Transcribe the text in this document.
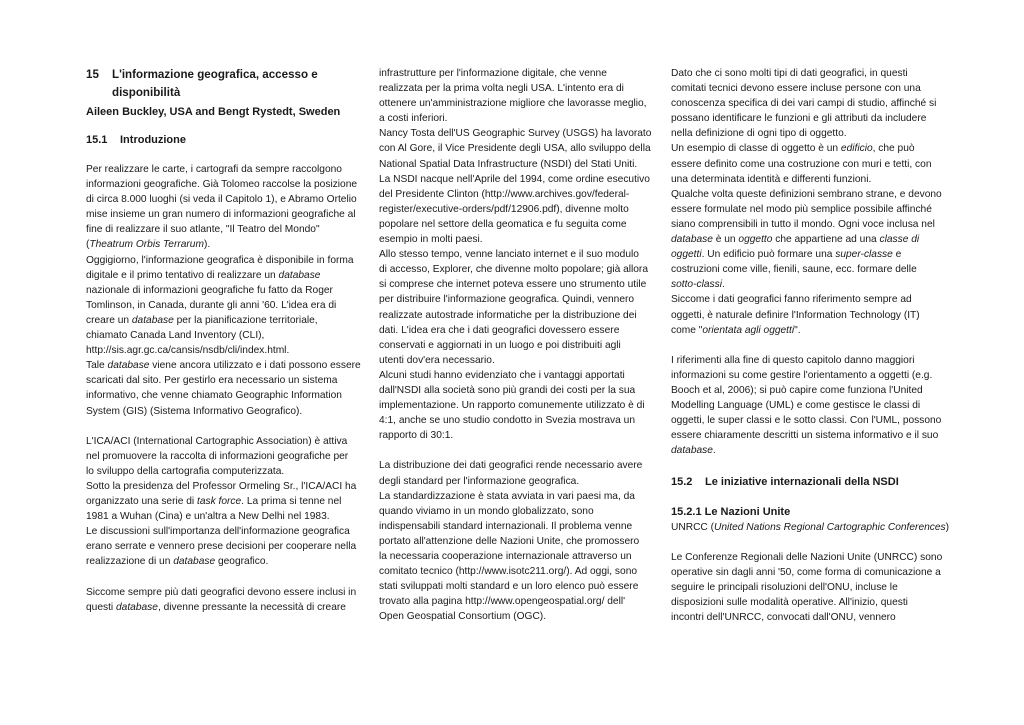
15 L'informazione geografica, accesso e
disponibilità
Aileen Buckley, USA and Bengt Rystedt, Sweden
15.1 Introduzione
Per realizzare le carte, i cartografi da sempre raccolgono
informazioni geografiche. Già Tolomeo raccolse la posizione
di circa 8.000 luoghi (si veda il Capitolo 1), e Abramo Ortelio
mise insieme un gran numero di informazioni geografiche al
fine di realizzare il suo atlante, "Il Teatro del Mondo"
(Theatrum Orbis Terrarum).
Oggigiorno, l'informazione geografica è disponibile in forma
digitale e il primo tentativo di realizzare un database
nazionale di informazioni geografiche fu fatto da Roger
Tomlinson, in Canada, durante gli anni '60. L'idea era di
creare un database per la pianificazione territoriale,
chiamato Canada Land Inventory (CLI),
http://sis.agr.gc.ca/cansis/nsdb/cli/index.html.
Tale database viene ancora utilizzato e i dati possono essere
scaricati dal sito. Per gestirlo era necessario un sistema
informativo, che venne chiamato Geographic Information
System (GIS) (Sistema Informativo Geografico).
L'ICA/ACI (International Cartographic Association) è attiva
nel promuovere la raccolta di informazioni geografiche per
lo sviluppo della cartografia computerizzata.
Sotto la presidenza del Professor Ormeling Sr., l'ICA/ACI ha
organizzato una serie di task force. La prima si tenne nel
1981 a Wuhan (Cina) e un'altra a New Delhi nel 1983.
Le discussioni sull'importanza dell'informazione geografica
erano serrate e vennero prese decisioni per cooperare nella
realizzazione di un database geografico.
Siccome sempre più dati geografici devono essere inclusi in
questi database, divenne pressante la necessità di creare
infrastrutture per l'informazione digitale, che venne
realizzata per la prima volta negli USA. L'intento era di
ottenere un'amministrazione migliore che lavorasse meglio,
a costi inferiori.
Nancy Tosta dell'US Geographic Survey (USGS) ha lavorato
con Al Gore, il Vice Presidente degli USA, allo sviluppo della
National Spatial Data Infrastructure (NSDI) del Stati Uniti.
La NSDI nacque nell'Aprile del 1994, come ordine esecutivo
del Presidente Clinton (http://www.archives.gov/federal-
register/executive-orders/pdf/12906.pdf), divenne molto
popolare nel settore della geomatica e fu seguita come
esempio in molti paesi.
Allo stesso tempo, venne lanciato internet e il suo modulo
di accesso, Explorer, che divenne molto popolare; già allora
si comprese che internet poteva essere uno strumento utile
per distribuire l'informazione geografica. Quindi, vennero
realizzate autostrade informatiche per la distribuzione dei
dati. L'idea era che i dati geografici dovessero essere
conservati e aggiornati in un luogo e poi distribuiti agli
utenti dov'era necessario.
Alcuni studi hanno evidenziato che i vantaggi apportati
dall'NSDI alla società sono più grandi dei costi per la sua
implementazione. Un rapporto comunemente utilizzato è di
4:1, anche se uno studio condotto in Svezia mostrava un
rapporto di 30:1.
La distribuzione dei dati geografici rende necessario avere
degli standard per l'informazione geografica.
La standardizzazione è stata avviata in vari paesi ma, da
quando viviamo in un mondo globalizzato, sono
indispensabili standard internazionali. Il problema venne
portato all'attenzione delle Nazioni Unite, che promossero
la necessaria cooperazione internazionale attraverso un
comitato tecnico (http://www.isotc211.org/). Ad oggi, sono
stati sviluppati molti standard e un loro elenco può essere
trovato alla pagina http://www.opengeospatial.org/ dell'
Open Geospatial Consortium (OGC).
Dato che ci sono molti tipi di dati geografici, in questi
comitati tecnici devono essere incluse persone con una
conoscenza specifica di dei vari campi di studio, affinché si
possano identificare le funzioni e gli attributi da includere
nella definizione di ogni tipo di oggetto.
Un esempio di classe di oggetto è un edificio, che può
essere definito come una costruzione con muri e tetti, con
una determinata identità e differenti funzioni.
Qualche volta queste definizioni sembrano strane, e devono
essere formulate nel modo più semplice possibile affinché
siano comprensibili in tutto il mondo. Ogni voce inclusa nel
database è un oggetto che appartiene ad una classe di
oggetti. Un edificio può formare una super-classe e
costruzioni come ville, fienili, saune, ecc. formare delle
sotto-classi.
Siccome i dati geografici fanno riferimento sempre ad
oggetti, è naturale definire l'Information Technology (IT)
come "orientata agli oggetti".
I riferimenti alla fine di questo capitolo danno maggiori
informazioni su come gestire l'orientamento a oggetti (e.g.
Booch et al, 2006); si può capire come funziona l'United
Modelling Language (UML) e come gestisce le classi di
oggetti, le super classi e le sotto classi. Con l'UML, possono
essere chiaramente descritti un sistema informativo e il suo
database.
15.2 Le iniziative internazionali della NSDI
15.2.1 Le Nazioni Unite
UNRCC (United Nations Regional Cartographic Conferences)
Le Conferenze Regionali delle Nazioni Unite (UNRCC) sono
operative sin dagli anni '50, come forma di comunicazione a
seguire le principali risoluzioni dell'ONU, incluse le
disposizioni sulle modalità operative. All'inizio, questi
incontri dell'UNRCC, convocati dall'ONU, vennero
